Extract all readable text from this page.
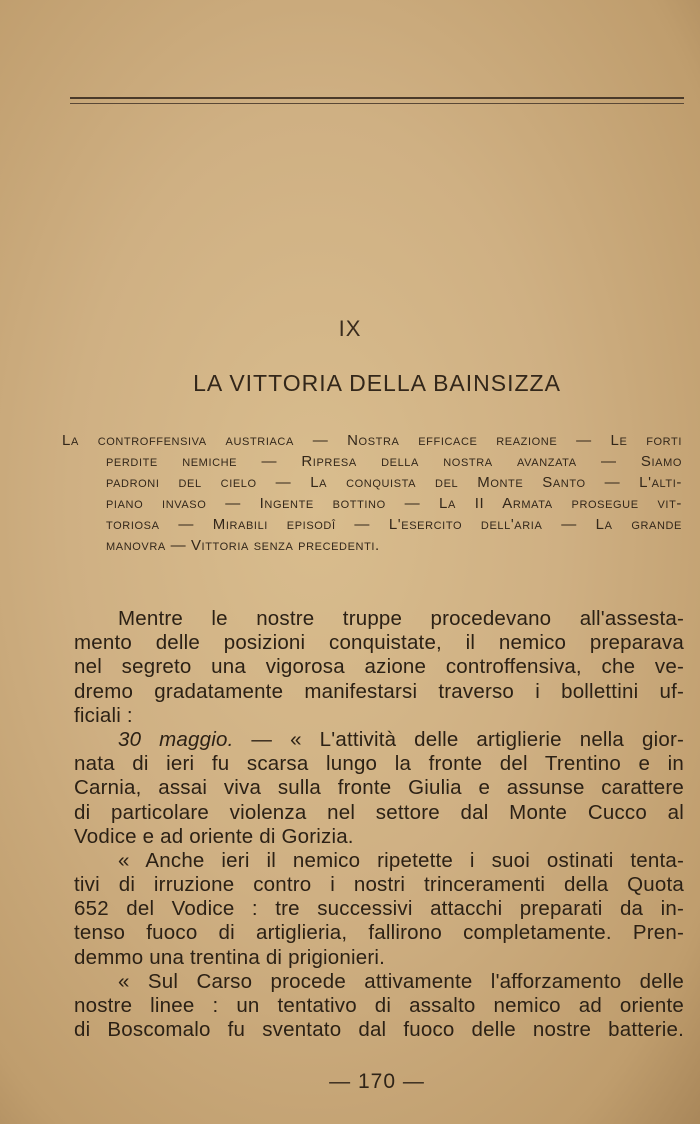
IX
LA VITTORIA DELLA BAINSIZZA
La controffensiva austriaca — Nostra efficace reazione — Le forti
perdite nemiche — Ripresa della nostra avanzata — Siamo
padroni del cielo — La conquista del Monte Santo — L'alti-
piano invaso — Ingente bottino — La II Armata prosegue vit-
toriosa — Mirabili episodî — L'esercito dell'aria — La grande
manovra — Vittoria senza precedenti.
Mentre le nostre truppe procedevano all'assesta-
mento delle posizioni conquistate, il nemico preparava
nel segreto una vigorosa azione controffensiva, che ve-
dremo gradatamente manifestarsi traverso i bollettini uf-
ficiali :
30 maggio. — « L'attività delle artiglierie nella gior-
nata di ieri fu scarsa lungo la fronte del Trentino e in
Carnia, assai viva sulla fronte Giulia e assunse carattere
di particolare violenza nel settore dal Monte Cucco al
Vodice e ad oriente di Gorizia.
« Anche ieri il nemico ripetette i suoi ostinati tenta-
tivi di irruzione contro i nostri trinceramenti della Quota
652 del Vodice : tre successivi attacchi preparati da in-
tenso fuoco di artiglieria, fallirono completamente. Pren-
demmo una trentina di prigionieri.
« Sul Carso procede attivamente l'afforzamento delle
nostre linee : un tentativo di assalto nemico ad oriente
di Boscomalo fu sventato dal fuoco delle nostre batterie.
— 170 —
